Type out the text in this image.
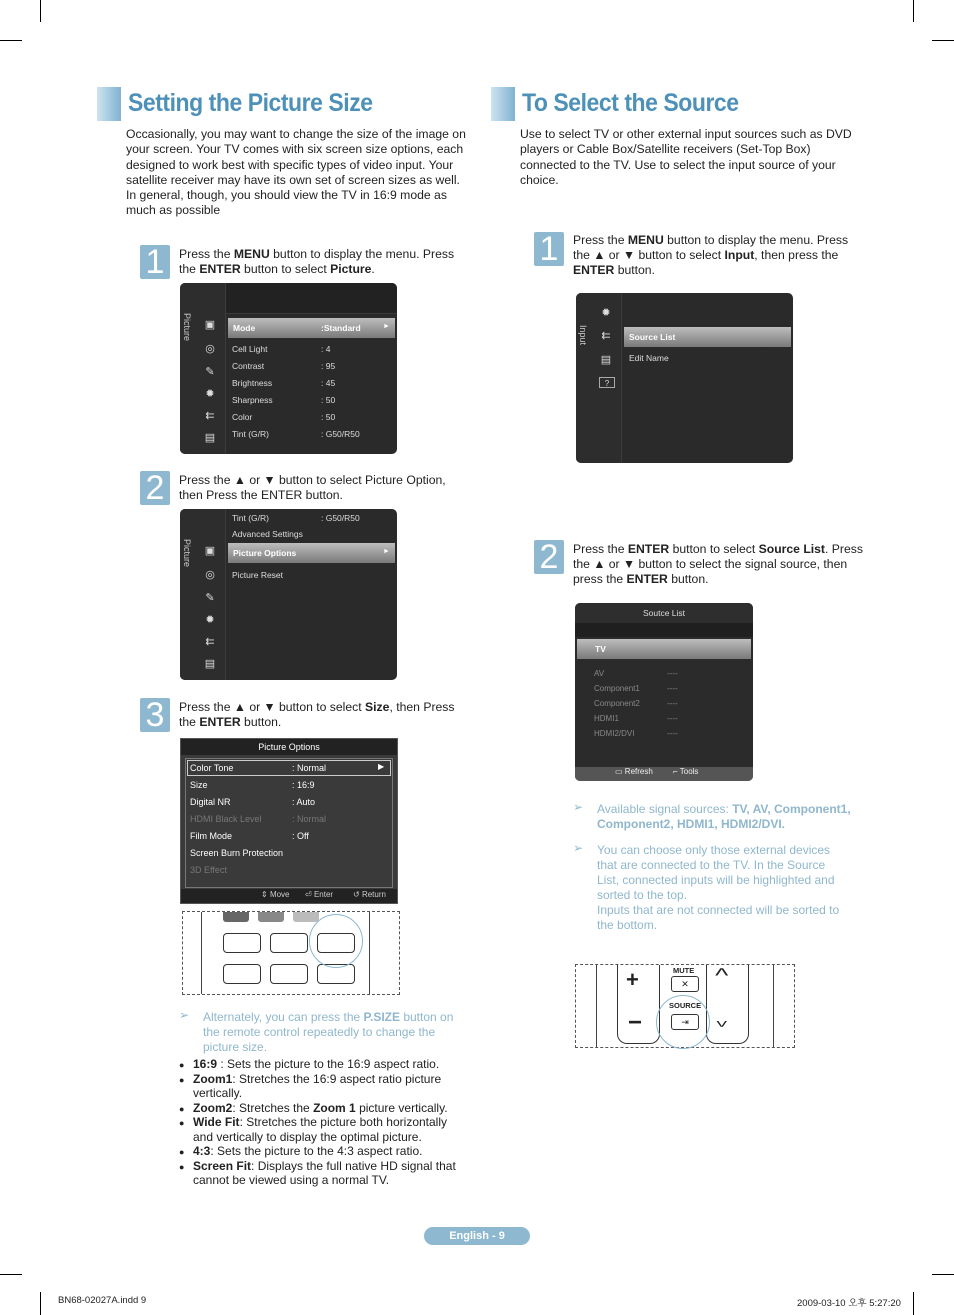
Setting the Picture Size
Occasionally, you may want to change the size of the image on your screen. Your TV comes with six screen size options, each designed to work best with specific types of video input. Your satellite receiver may have its own set of screen sizes as well. In general, though, you should view the TV in 16:9 mode as much as possible
1	Press the MENU button to display the menu. Press the ENTER button to select Picture.
Picture ▣
◎
✎
✹
⇇
▤
Mode	:Standard	►
Cell Light	: 4
Contrast	: 95
Brightness	: 45
Sharpness	: 50
Color	: 50
Tint (G/R)	: G50/R50
2	Press the ▲ or ▼ button to select Picture Option, then Press the ENTER button.
Picture ▣
◎
✎
✹
⇇
▤
Tint (G/R)	: G50/R50
Advanced Settings
Picture Options	►
Picture Reset
3	Press the ▲ or ▼ button to select Size, then Press the ENTER button.
Picture Options
▶
Color Tone	: Normal
Size	: 16:9
Digital NR	: Auto
HDMI Black Level	: Normal
Film Mode	: Off
Screen Burn Protection
3D Effect
⇕ Move ⏎ Enter ↺ Return
➢ Alternately, you can press the P.SIZE button on the remote control repeatedly to change the picture size.
● 16:9 : Sets the picture to the 16:9 aspect ratio.
● Zoom1: Stretches the 16:9 aspect ratio picture vertically.
● Zoom2: Stretches the Zoom 1 picture vertically.
● Wide Fit: Stretches the picture both horizontally and vertically to display the optimal picture.
● 4:3: Sets the picture to the 4:3 aspect ratio.
● Screen Fit: Displays the full native HD signal that cannot be viewed using a normal TV.
To Select the Source
Use to select TV or other external input sources such as DVD players or Cable Box/Satellite receivers (Set-Top Box) connected to the TV. Use to select the input source of your choice.
1	Press the MENU button to display the menu. Press the ▲ or ▼ button to select Input, then press the ENTER button.
Input
✹
⇇
▤
?
Source List
Edit Name
2	Press the ENTER button to select Source List. Press the ▲ or ▼ button to select the signal source, then press the ENTER button.
Soutce List
TV
AV	----
Component1	----
Component2	----
HDMI1	----
HDMI2/DVI	----
▭ Refresh	⌐ Tools
➢ Available signal sources: TV, AV, Component1, Component2, HDMI1, HDMI2/DVI.
➢ You can choose only those external devices that are connected to the TV. In the Source List, connected inputs will be highlighted and sorted to the top.
Inputs that are not connected will be sorted to the bottom.
+
−
^
^
MUTE
✕
SOURCE
⇥
English - 9
BN68-02027A.indd 9	2009-03-10 오후 5:27:20
